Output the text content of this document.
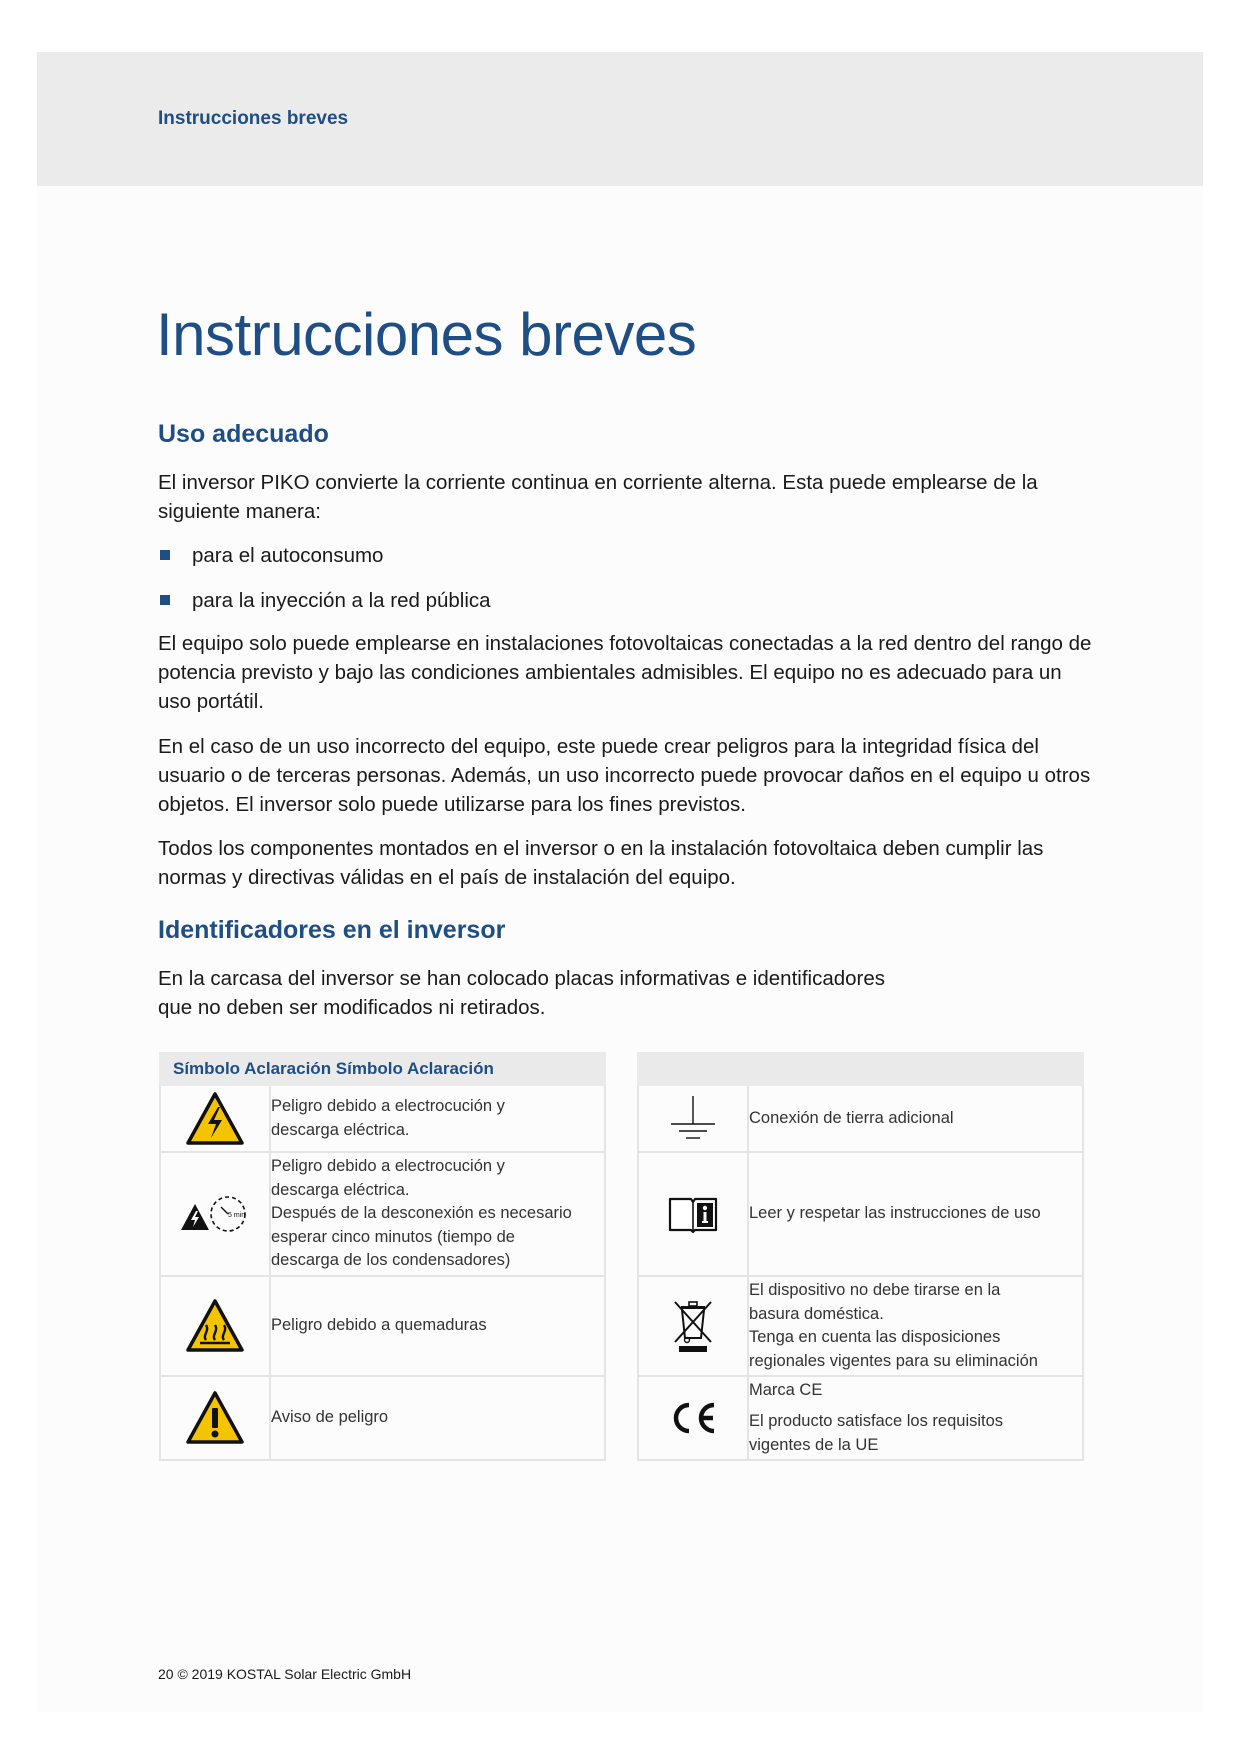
Instrucciones breves
Instrucciones breves
Uso adecuado

El inversor PIKO convierte la corriente continua en corriente alterna. Esta puede emplearse de la siguiente manera:

para el autoconsumo
para la inyección a la red pública

El equipo solo puede emplearse en instalaciones fotovoltaicas conectadas a la red dentro del rango de potencia previsto y bajo las condiciones ambientales admisibles. El equipo no es adecuado para un uso portátil.

En el caso de un uso incorrecto del equipo, este puede crear peligros para la integridad física del usuario o de terceras personas. Además, un uso incorrecto puede provocar daños en el equipo u otros objetos. El inversor solo puede utilizarse para los fines previstos.

Todos los componentes montados en el inversor o en la instalación fotovoltaica deben cumplir las normas y directivas válidas en el país de instalación del equipo.

Identificadores en el inversor

En la carcasa del inversor se han colocado placas informativas e identificadores
que no deben ser modificados ni retirados.

Símbolo Aclaración Símbolo Aclaración	

Peligro debido a electrocución y
descarga eléctrica.

5 min	Peligro debido a electrocución y
descarga eléctrica.
Después de la desconexión es necesario
esperar cinco minutos (tiempo de
descarga de los condensadores)

Peligro debido a quemaduras

Aviso de peligro

Conexión de tierra adicional

Leer y respetar las instrucciones de uso

El dispositivo no debe tirarse en la
basura doméstica.
Tenga en cuenta las disposiciones
regionales vigentes para su eliminación

Marca CE
El producto satisface los requisitos
vigentes de la UE
20 © 2019 KOSTAL Solar Electric GmbH
